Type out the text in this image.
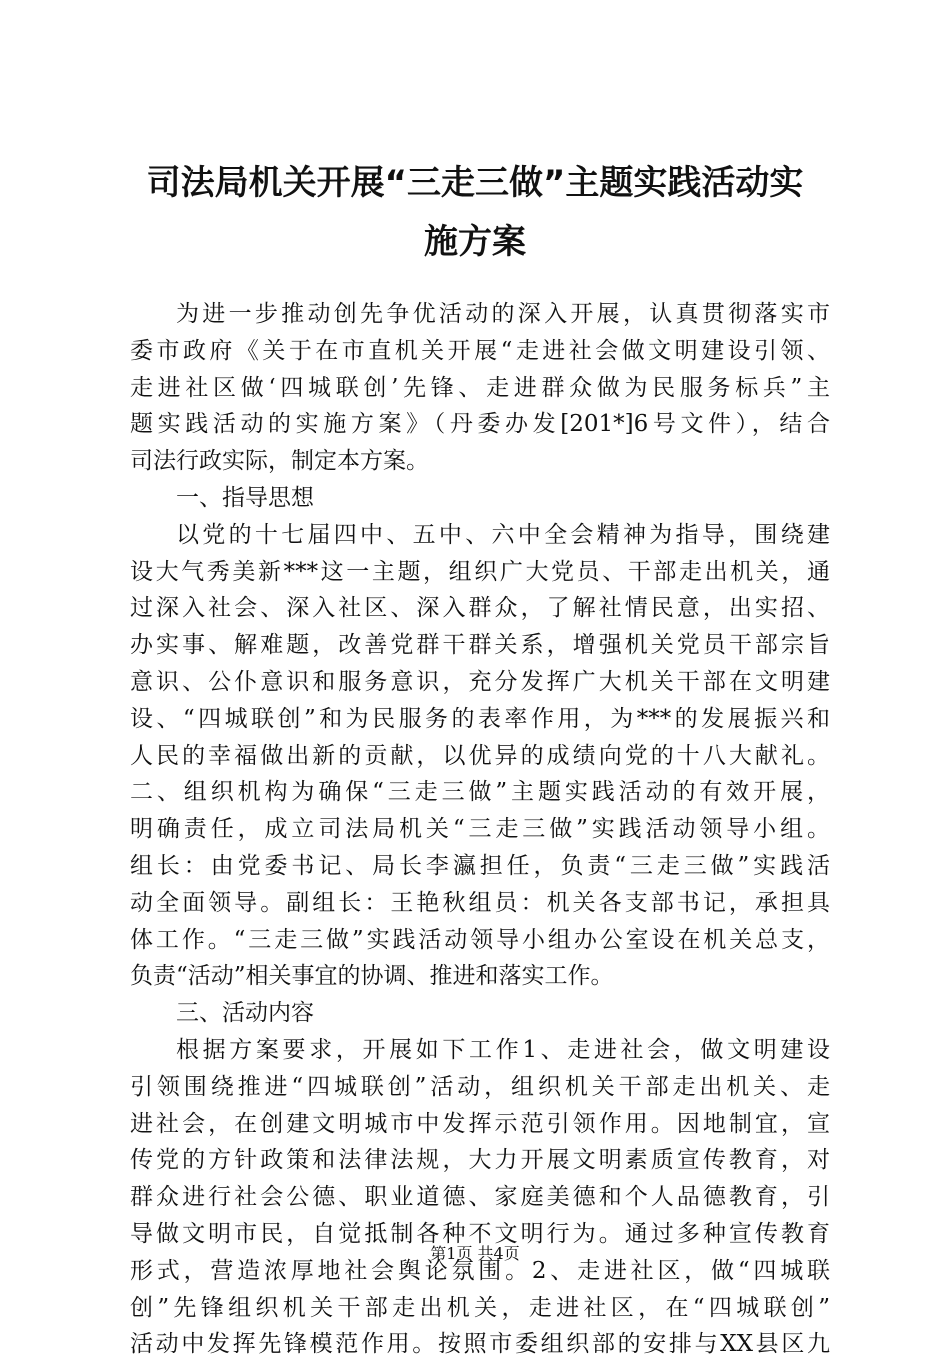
司法局机关开展“三走三做”主题实践活动实
施方案
为进一步推动创先争优活动的深入开展，认真贯彻落实市
委市政府《关于在市直机关开展“走进社会做文明建设引领、
走进社区做‘四城联创’先锋、走进群众做为民服务标兵”主
题实践活动的实施方案》（丹委办发[201*]6号文件），结合
司法行政实际，制定本方案。
一、指导思想
以党的十七届四中、五中、六中全会精神为指导，围绕建
设大气秀美新***这一主题，组织广大党员、干部走出机关，通
过深入社会、深入社区、深入群众，了解社情民意，出实招、
办实事、解难题，改善党群干群关系，增强机关党员干部宗旨
意识、公仆意识和服务意识，充分发挥广大机关干部在文明建
设、“四城联创”和为民服务的表率作用，为***的发展振兴和
人民的幸福做出新的贡献，以优异的成绩向党的十八大献礼。
二、组织机构为确保“三走三做”主题实践活动的有效开展，
明确责任，成立司法局机关“三走三做”实践活动领导小组。
组长：由党委书记、局长李瀛担任，负责“三走三做”实践活
动全面领导。副组长：王艳秋组员：机关各支部书记，承担具
体工作。“三走三做”实践活动领导小组办公室设在机关总支，
负责“活动”相关事宜的协调、推进和落实工作。
三、活动内容
根据方案要求，开展如下工作1、走进社会，做文明建设
引领围绕推进“四城联创”活动，组织机关干部走出机关、走
进社会，在创建文明城市中发挥示范引领作用。因地制宜，宣
传党的方针政策和法律法规，大力开展文明素质宣传教育，对
群众进行社会公德、职业道德、家庭美德和个人品德教育，引
导做文明市民，自觉抵制各种不文明行为。通过多种宣传教育
形式，营造浓厚地社会舆论氛围。2、走进社区，做“四城联
创”先锋组织机关干部走出机关，走进社区，在“四城联创”
活动中发挥先锋模范作用。按照市委组织部的安排与XX县区九
第1页 共4页
